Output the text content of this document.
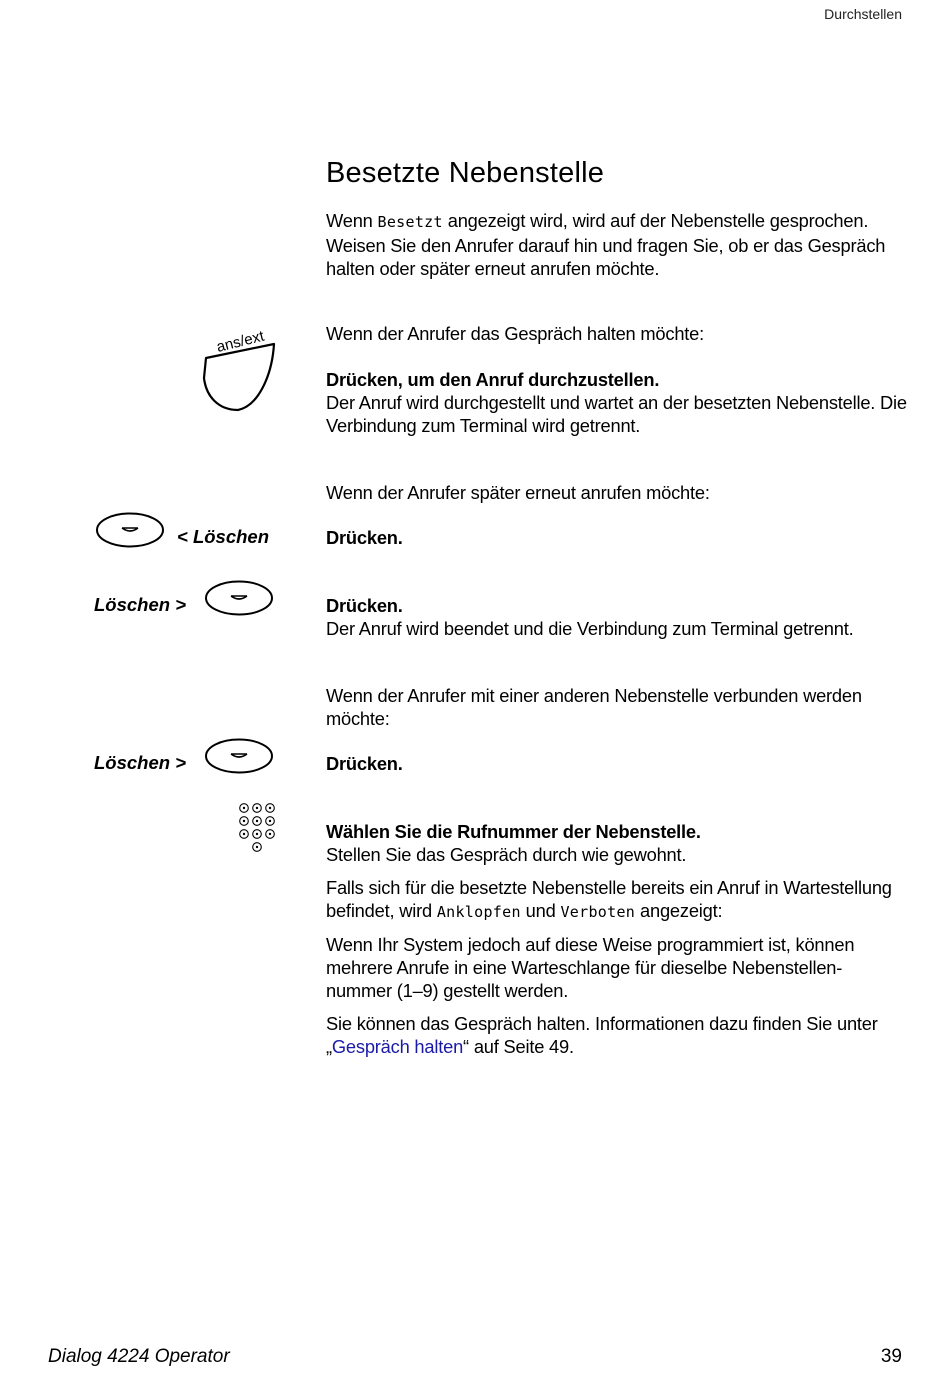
Durchstellen
Besetzte Nebenstelle

Wenn Besetzt angezeigt wird, wird auf der Nebenstelle gesprochen. Weisen Sie den Anrufer darauf hin und fragen Sie, ob er das Gespräch halten oder später erneut anrufen möchte.

ans/ext	Wenn der Anrufer das Gespräch halten möchte:

Drücken, um den Anruf durchzustellen.
Der Anruf wird durchgestellt und wartet an der besetzten Nebenstelle. Die Verbindung zum Terminal wird getrennt.

Wenn der Anrufer später erneut anrufen möchte:

< Löschen	Drücken.

Löschen >	Drücken.
Der Anruf wird beendet und die Verbindung zum Terminal getrennt.

Wenn der Anrufer mit einer anderen Nebenstelle verbunden werden möchte:

Löschen >	Drücken.

Wählen Sie die Rufnummer der Nebenstelle.
Stellen Sie das Gespräch durch wie gewohnt.

Falls sich für die besetzte Nebenstelle bereits ein Anruf in Wartestellung befindet, wird Anklopfen und Verboten angezeigt:

Wenn Ihr System jedoch auf diese Weise programmiert ist, können mehrere Anrufe in eine Warteschlange für dieselbe Nebenstellen-nummer (1–9) gestellt werden.

Sie können das Gespräch halten. Informationen dazu finden Sie unter „Gespräch halten“ auf Seite 49.

Dialog 4224 Operator	39
